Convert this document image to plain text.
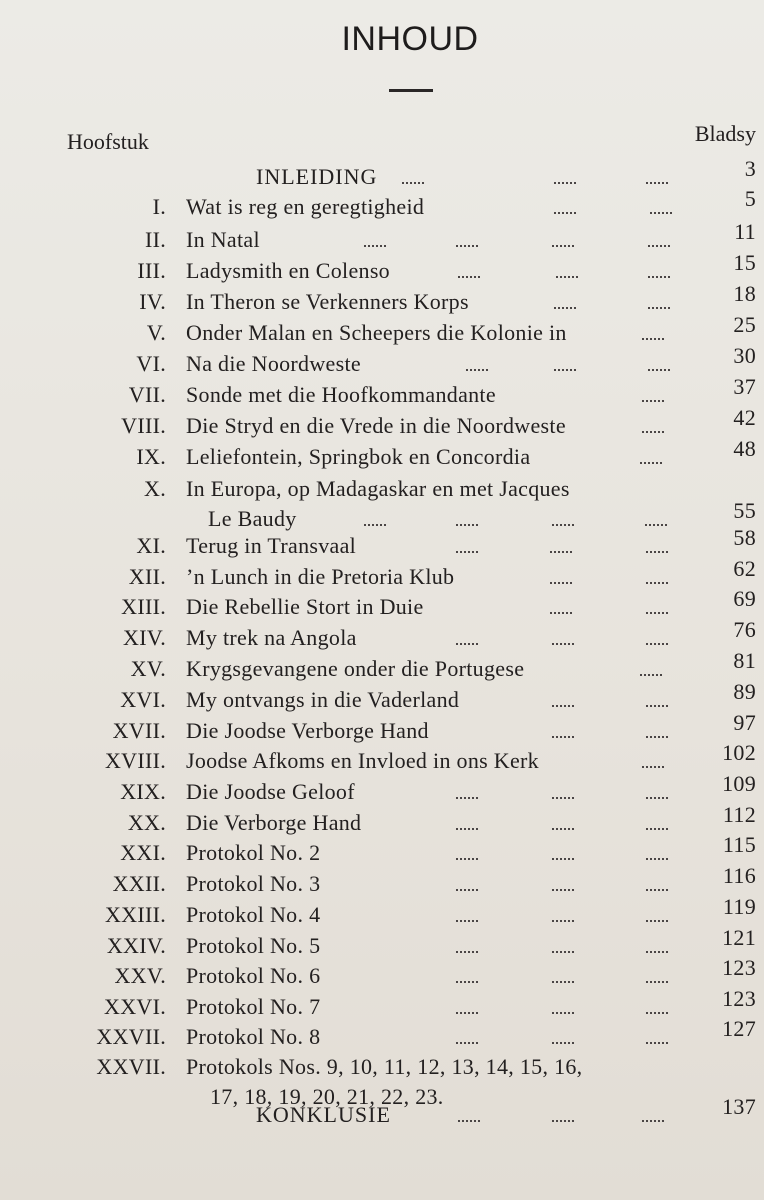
INHOUD
Hoofstuk	Bladsy
INLEIDING	3
I. Wat is reg en geregtigheid	5
II. In Natal	11
III. Ladysmith en Colenso	15
IV. In Theron se Verkenners Korps	18
V. Onder Malan en Scheepers die Kolonie in	25
VI. Na die Noordweste	30
VII. Sonde met die Hoofkommandante	37
VIII. Die Stryd en die Vrede in die Noordweste	42
IX. Leliefontein, Springbok en Concordia	48
X. In Europa, op Madagaskar en met Jacques
Le Baudy	55
XI. Terug in Transvaal	58
XII. ’n Lunch in die Pretoria Klub	62
XIII. Die Rebellie Stort in Duie	69
XIV. My trek na Angola	76
XV. Krygsgevangene onder die Portugese	81
XVI. My ontvangs in die Vaderland	89
XVII. Die Joodse Verborge Hand	97
XVIII. Joodse Afkoms en Invloed in ons Kerk	102
XIX. Die Joodse Geloof	109
XX. Die Verborge Hand	112
XXI. Protokol No. 2	115
XXII. Protokol No. 3	116
XXIII. Protokol No. 4	119
XXIV. Protokol No. 5	121
XXV. Protokol No. 6	123
XXVI. Protokol No. 7	123
XXVII. Protokol No. 8	127
XXVII. Protokols Nos. 9, 10, 11, 12, 13, 14, 15, 16,
17, 18, 19, 20, 21, 22, 23.
KONKLUSIE	137
